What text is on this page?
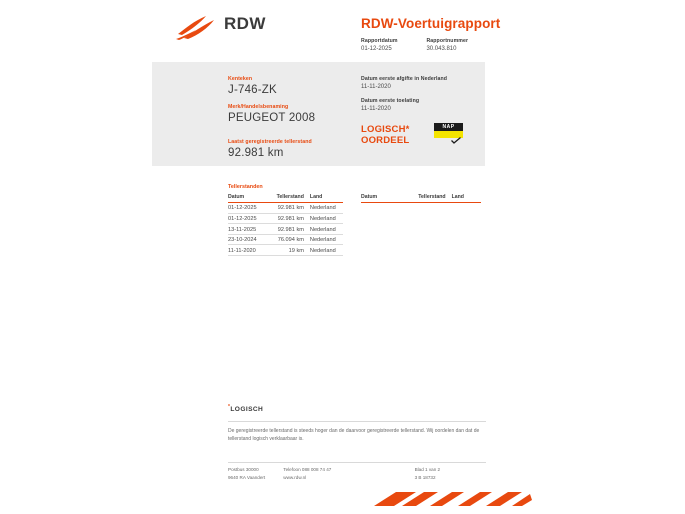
RDW	RDW-Voertuigrapport
Rapportdatum
01-12-2025

Rapportnummer
30.043.810
Kenteken
J-746-ZK
Merk/Handelsbenaming
PEUGEOT 2008
Datum eerste afgifte in Nederland
11-11-2020
Datum eerste toelating
11-11-2020
Laatst geregistreerde tellerstand
92.981 km
LOGISCH*
OORDEEL
NAP
Tellerstanden
Datum	Tellerstand	Land
01-12-2025	92.981 km	Nederland
01-12-2025	92.981 km	Nederland
13-11-2025	92.981 km	Nederland
23-10-2024	76.094 km	Nederland
11-11-2020	19 km	Nederland
Datum	Tellerstand	Land
*LOGISCH
De geregistreerde tellerstand is steeds hoger dan de daarvoor geregistreerde tellerstand. Wij oordelen dan dat de tellerstand logisch verklaarbaar is.
Postbus 30000
9640 RA Vaandert

Telefoon 088 008 74 47
www.rdw.nl

Blad 1 van 2
3 B 18732
